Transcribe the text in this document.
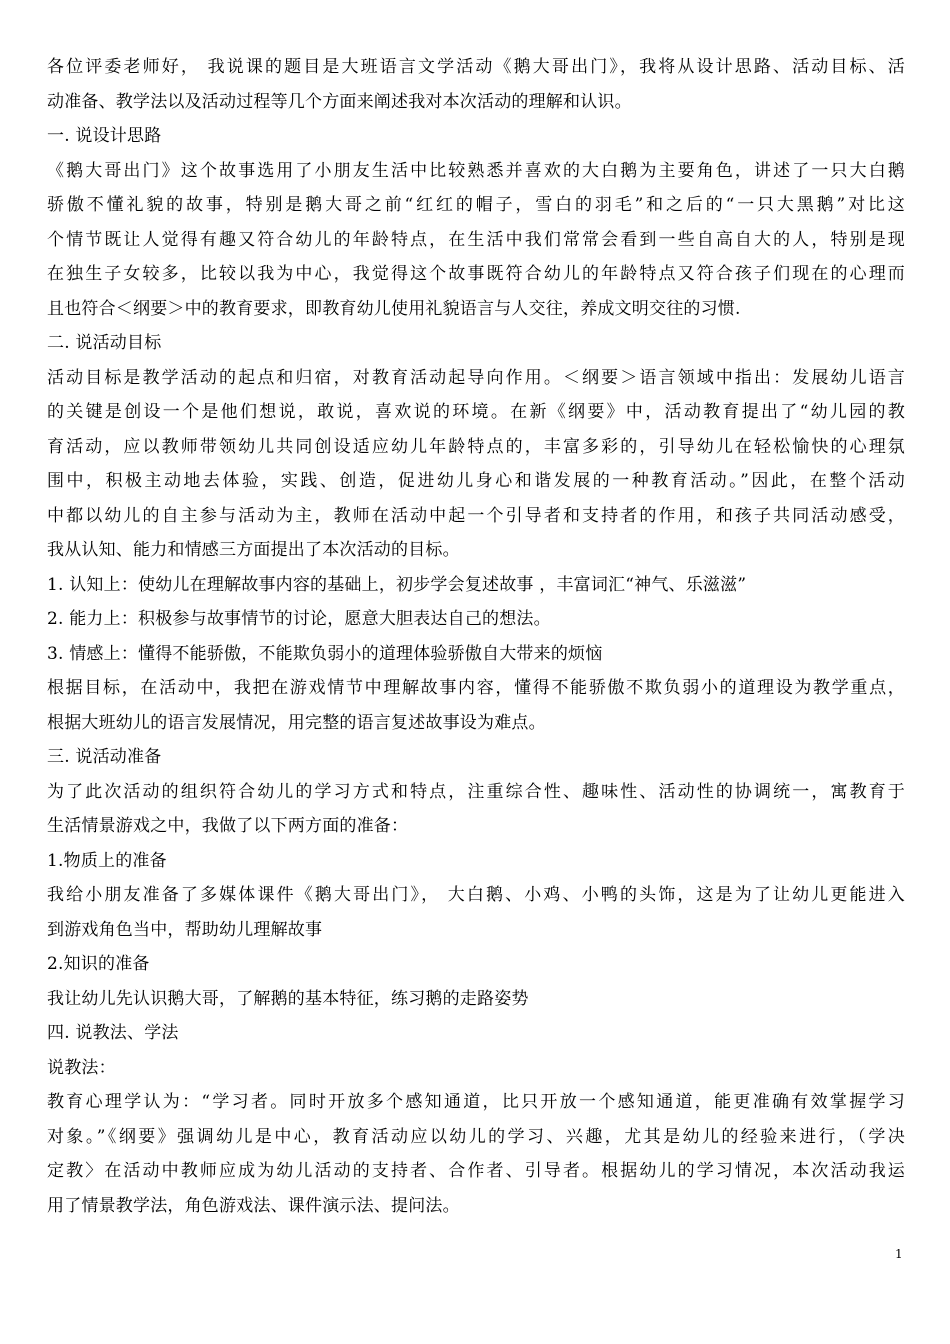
各位评委老师好， 我说课的题目是大班语言文学活动《鹅大哥出门》，我将从设计思路、活动目标、活
动准备、教学法以及活动过程等几个方面来阐述我对本次活动的理解和认识。
一. 说设计思路
《鹅大哥出门》这个故事选用了小朋友生活中比较熟悉并喜欢的大白鹅为主要角色，讲述了一只大白鹅
骄傲不懂礼貌的故事，特别是鹅大哥之前“红红的帽子，雪白的羽毛”和之后的“一只大黑鹅”对比这
个情节既让人觉得有趣又符合幼儿的年龄特点，在生活中我们常常会看到一些自高自大的人，特别是现
在独生子女较多，比较以我为中心，我觉得这个故事既符合幼儿的年龄特点又符合孩子们现在的心理而
且也符合＜纲要＞中的教育要求，即教育幼儿使用礼貌语言与人交往，养成文明交往的习惯.
二. 说活动目标
活动目标是教学活动的起点和归宿，对教育活动起导向作用。＜纲要＞语言领域中指出：发展幼儿语言
的关键是创设一个是他们想说，敢说，喜欢说的环境。在新《纲要》中，活动教育提出了“幼儿园的教
育活动，应以教师带领幼儿共同创设适应幼儿年龄特点的，丰富多彩的，引导幼儿在轻松愉快的心理氛
围中，积极主动地去体验，实践、创造，促进幼儿身心和谐发展的一种教育活动。”因此，在整个活动
中都以幼儿的自主参与活动为主，教师在活动中起一个引导者和支持者的作用，和孩子共同活动感受，
我从认知、能力和情感三方面提出了本次活动的目标。
1. 认知上：使幼儿在理解故事内容的基础上，初步学会复述故事 ，丰富词汇“神气、乐滋滋”
2. 能力上：积极参与故事情节的讨论，愿意大胆表达自己的想法。
3. 情感上：懂得不能骄傲，不能欺负弱小的道理体验骄傲自大带来的烦恼
根据目标，在活动中，我把在游戏情节中理解故事内容，懂得不能骄傲不欺负弱小的道理设为教学重点，
根据大班幼儿的语言发展情况，用完整的语言复述故事设为难点。
三. 说活动准备
为了此次活动的组织符合幼儿的学习方式和特点，注重综合性、趣味性、活动性的协调统一，寓教育于
生活情景游戏之中，我做了以下两方面的准备：
1.物质上的准备
我给小朋友准备了多媒体课件《鹅大哥出门》， 大白鹅、小鸡、小鸭的头饰，这是为了让幼儿更能进入
到游戏角色当中，帮助幼儿理解故事
2.知识的准备
我让幼儿先认识鹅大哥，了解鹅的基本特征，练习鹅的走路姿势
四. 说教法、学法
说教法：
教育心理学认为：“学习者。同时开放多个感知通道，比只开放一个感知通道，能更准确有效掌握学习
对象。”《纲要》强调幼儿是中心，教育活动应以幼儿的学习、兴趣，尤其是幼儿的经验来进行，（学决
定教〉在活动中教师应成为幼儿活动的支持者、合作者、引导者。根据幼儿的学习情况，本次活动我运
用了情景教学法，角色游戏法、课件演示法、提问法。
1
